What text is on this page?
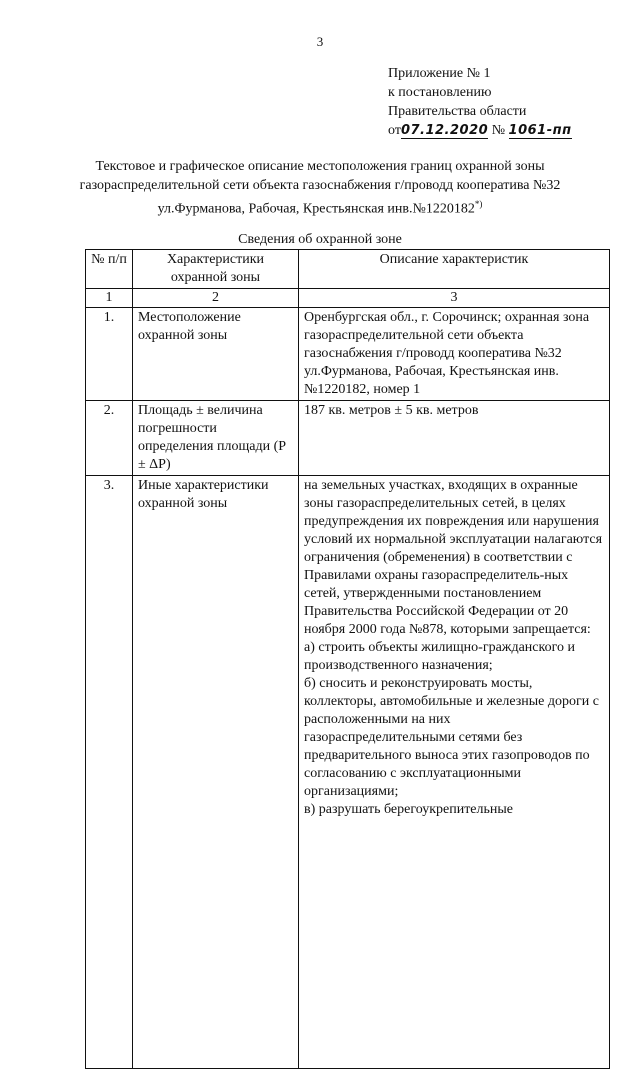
3
Приложение № 1
к постановлению
Правительства области
от07.12.2020 № 1061-пп
Текстовое и графическое описание местоположения границ охранной зоны газораспределительной сети объекта газоснабжения г/проводд кооператива №32 ул.Фурманова, Рабочая, Крестьянская инв.№1220182*)
Сведения об охранной зоне
№ п/п	Характеристики охранной зоны	Описание характеристик
1	2	3
1.	Местоположение охранной зоны	Оренбургская обл., г. Сорочинск; охранная зона газораспределительной сети объекта газоснабжения г/проводд кооператива №32 ул.Фурманова, Рабочая, Крестьянская инв.№1220182, номер 1
2.	Площадь ± величина погрешности определения площади (P ± ΔP)	187 кв. метров ± 5 кв. метров
3.	Иные характеристики охранной зоны	на земельных участках, входящих в охранные зоны газораспределительных сетей, в целях предупреждения их повреждения или нарушения условий их нормальной эксплуатации налагаются ограничения (обременения) в соответствии с Правилами охраны газораспределитель-ных сетей, утвержденными постановлением Правительства Российской Федерации от 20 ноября 2000 года №878, которыми запрещается:
а) строить объекты жилищно-гражданского и производственного назначения;
б) сносить и реконструировать мосты, коллекторы, автомобильные и железные дороги с расположенными на них газораспределительными сетями без предварительного выноса этих газопроводов по согласованию с эксплуатационными организациями;
в) разрушать берегоукрепительные
